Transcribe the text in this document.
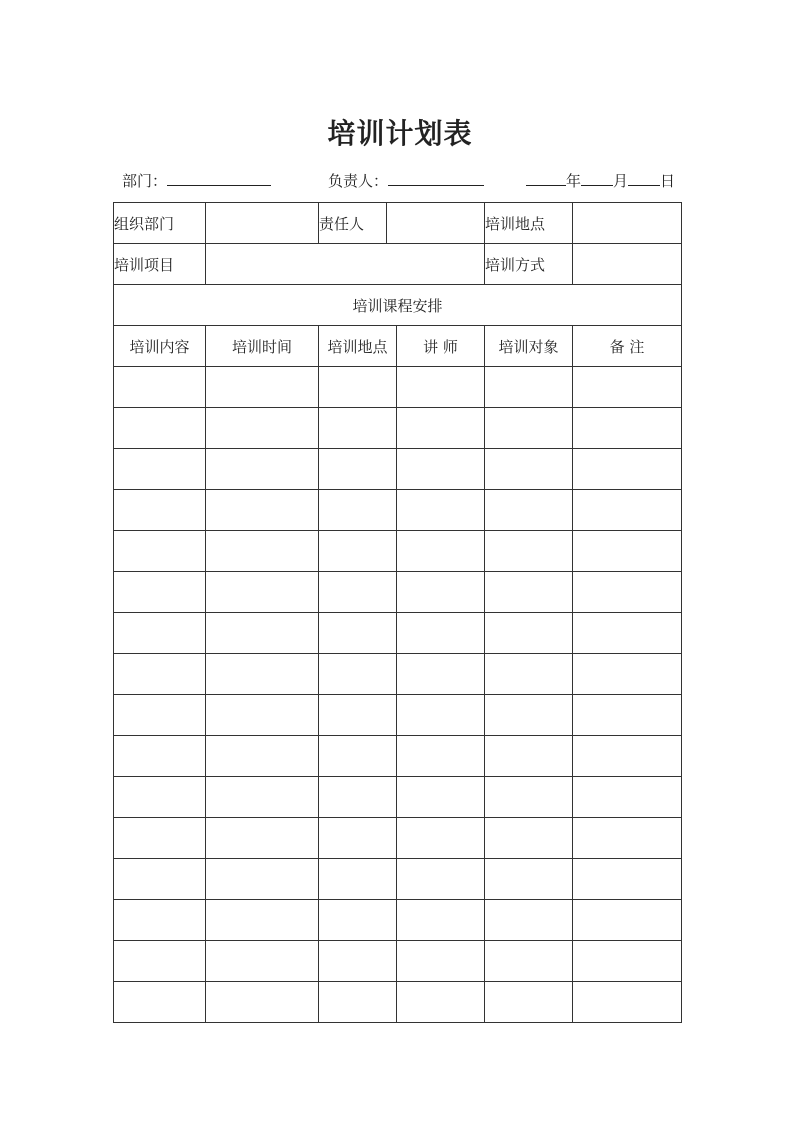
培训计划表
部门：	负责人：	年 月 日
组织部门		责任人			培训地点	
培训项目					培训方式	
培训课程安排						
培训内容	培训时间	培训地点		讲 师	培训对象	备 注
